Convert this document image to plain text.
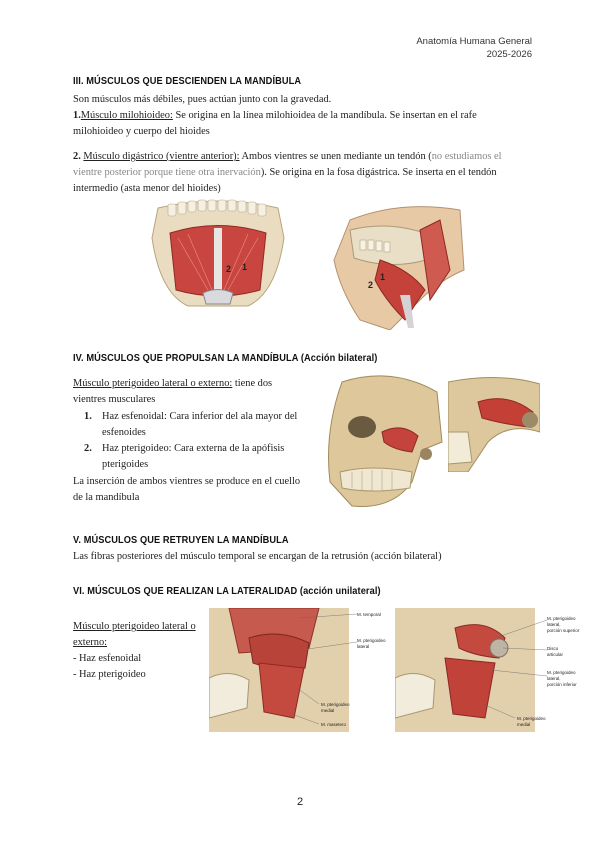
Anatomía Humana General
2025-2026
III. MÚSCULOS QUE DESCIENDEN LA MANDÍBULA
Son músculos más débiles, pues actúan junto con la gravedad.
1.Músculo milohioideo: Se origina en la línea milohioidea de la mandíbula. Se insertan en el rafe
milohioideo y cuerpo del hioides
2. Músculo digástrico (vientre anterior): Ambos vientres se unen mediante un tendón (no estudiamos el
vientre posterior porque tiene otra inervación). Se origina en la fosa digástrica. Se inserta en el tendón
intermedio (asta menor del hioides)
2 1
2
1
IV. MÚSCULOS QUE PROPULSAN LA MANDÍBULA (Acción bilateral)
Músculo pterigoideo lateral o externo: tiene dos
vientres musculares
1. Haz esfenoidal: Cara inferior del ala mayor del
esfenoides
2. Haz pterigoideo: Cara externa de la apófisis
pterigoides
La inserción de ambos vientres se produce en el cuello
de la mandíbula
V. MÚSCULOS QUE RETRUYEN LA MANDÍBULA
Las fibras posteriores del músculo temporal se encargan de la retrusión (acción bilateral)
VI. MÚSCULOS QUE REALIZAN LA LATERALIDAD (acción unilateral)
Músculo pterigoideo lateral o
externo:
- Haz esfenoidal
- Haz pterigoideo
M. temporal
M. pterigoideo
lateral
M. pterigoideo
medial
M. masetero
M. pterigoideo
lateral,
porción superior
Disco
articular
M. pterigoideo
lateral,
porción inferior
M. pterigoideo
medial
2
